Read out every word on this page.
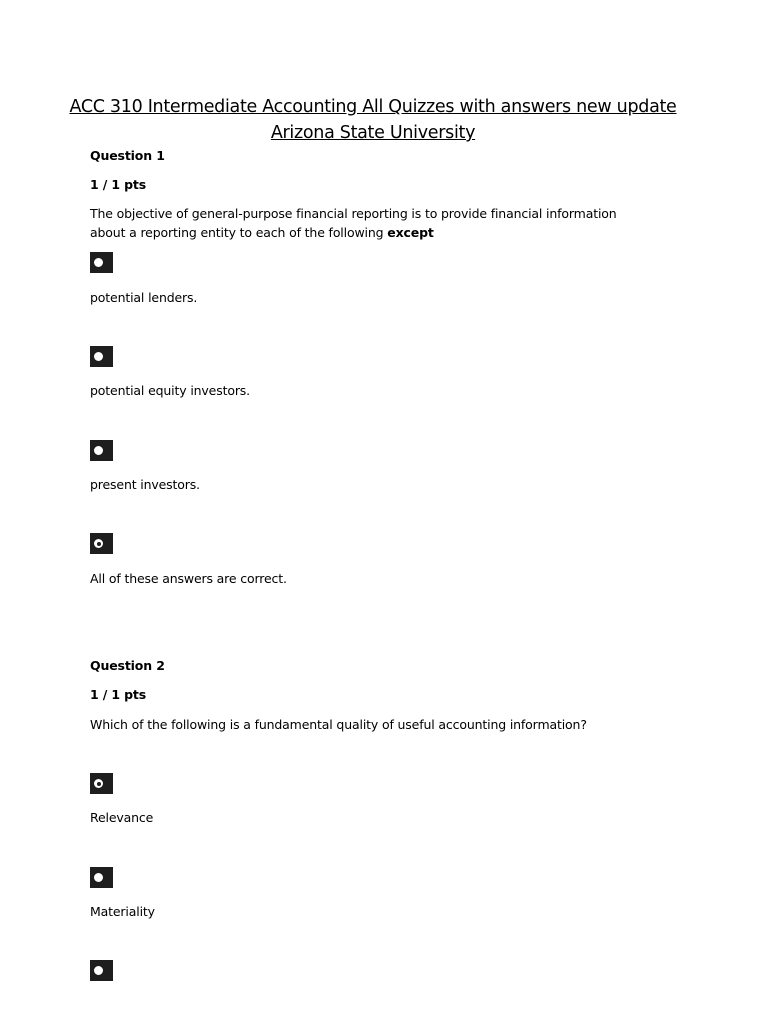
ACC 310 Intermediate Accounting All Quizzes with answers new update
Arizona State University
Question 1
1 / 1 pts
The objective of general-purpose financial reporting is to provide financial information about a reporting entity to each of the following except
potential lenders.
potential equity investors.
present investors.
All of these answers are correct.
Question 2
1 / 1 pts
Which of the following is a fundamental quality of useful accounting information?
Relevance
Materiality
